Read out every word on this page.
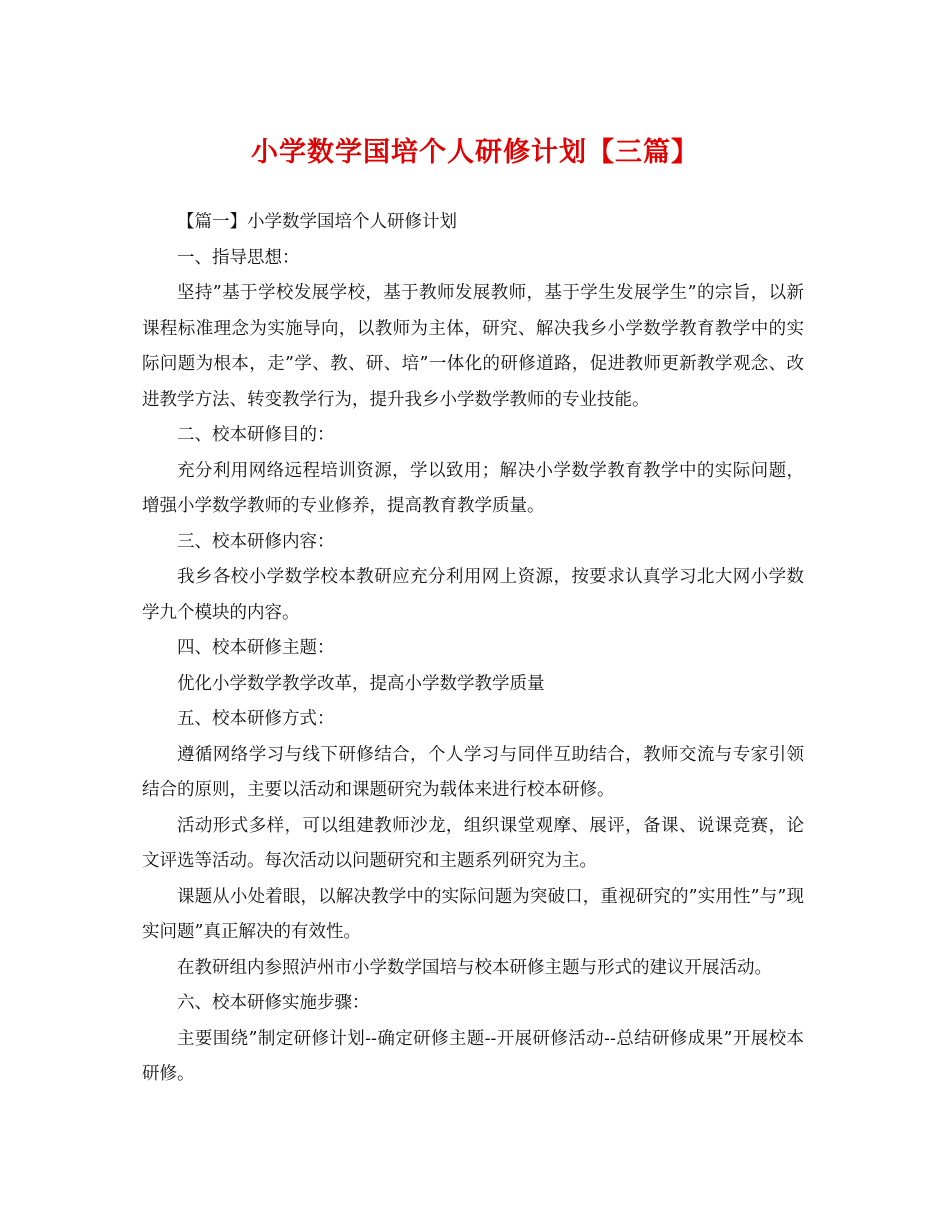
小学数学国培个人研修计划【三篇】

【篇一】小学数学国培个人研修计划

一、指导思想：

坚持”基于学校发展学校，基于教师发展教师，基于学生发展学生”的宗旨，以新课程标准理念为实施导向，以教师为主体，研究、解决我乡小学数学教育教学中的实际问题为根本，走”学、教、研、培”一体化的研修道路，促进教师更新教学观念、改进教学方法、转变教学行为，提升我乡小学数学教师的专业技能。

二、校本研修目的：

充分利用网络远程培训资源，学以致用；解决小学数学教育教学中的实际问题，增强小学数学教师的专业修养，提高教育教学质量。

三、校本研修内容：

我乡各校小学数学校本教研应充分利用网上资源，按要求认真学习北大网小学数学九个模块的内容。

四、校本研修主题：

优化小学数学教学改革，提高小学数学教学质量

五、校本研修方式：

遵循网络学习与线下研修结合，个人学习与同伴互助结合，教师交流与专家引领结合的原则，主要以活动和课题研究为载体来进行校本研修。

活动形式多样，可以组建教师沙龙，组织课堂观摩、展评，备课、说课竞赛，论文评选等活动。每次活动以问题研究和主题系列研究为主。

课题从小处着眼，以解决教学中的实际问题为突破口，重视研究的”实用性”与”现实问题”真正解决的有效性。

在教研组内参照泸州市小学数学国培与校本研修主题与形式的建议开展活动。

六、校本研修实施步骤：

主要围绕”制定研修计划--确定研修主题--开展研修活动--总结研修成果”开展校本研修。
